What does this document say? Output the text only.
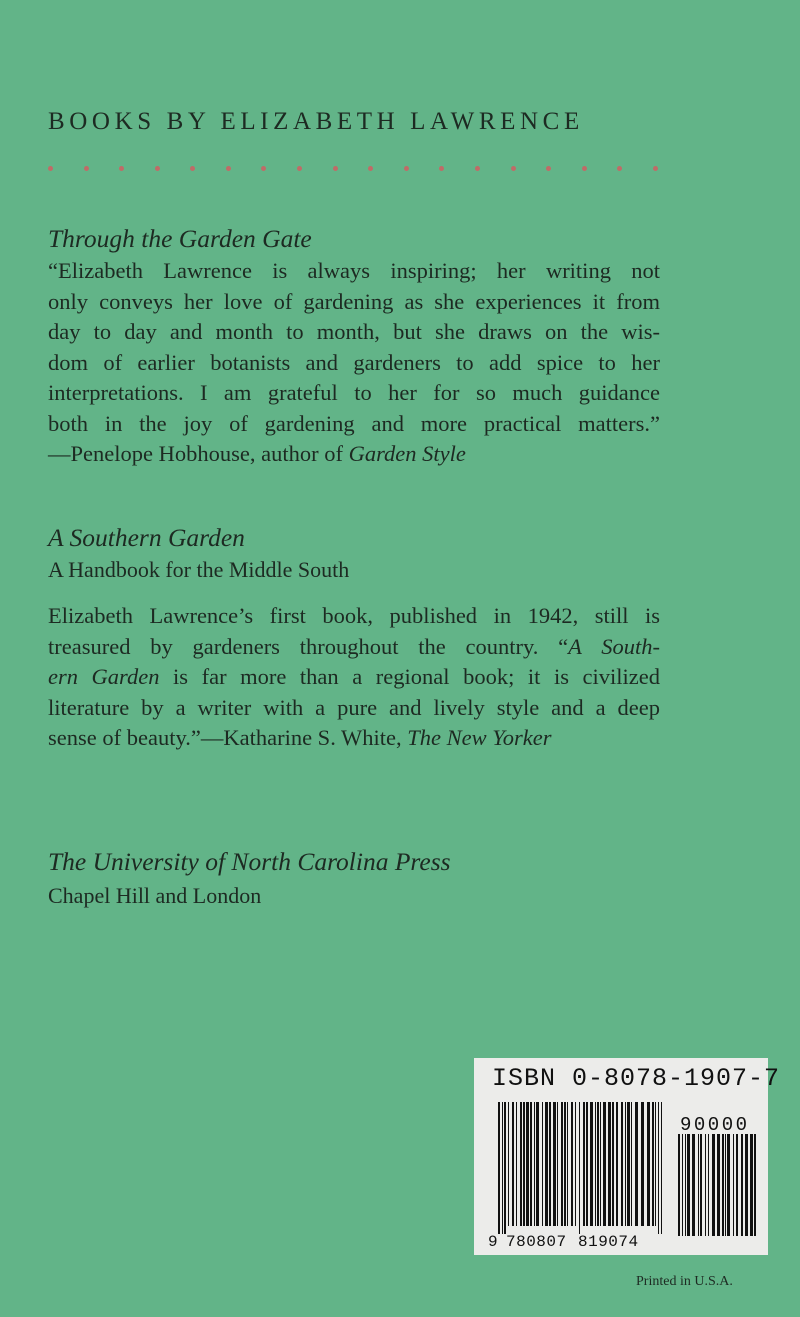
BOOKS BY ELIZABETH LAWRENCE
Through the Garden Gate
“Elizabeth Lawrence is always inspiring; her writing not
only conveys her love of gardening as she experiences it from
day to day and month to month, but she draws on the wis-
dom of earlier botanists and gardeners to add spice to her
interpretations. I am grateful to her for so much guidance
both in the joy of gardening and more practical matters.”
—Penelope Hobhouse, author of Garden Style
A Southern Garden
A Handbook for the Middle South
Elizabeth Lawrence’s first book, published in 1942, still is
treasured by gardeners throughout the country. “A South-
ern Garden is far more than a regional book; it is civilized
literature by a writer with a pure and lively style and a deep
sense of beauty.”—Katharine S. White, The New Yorker
The University of North Carolina Press
Chapel Hill and London
ISBN 0-8078-1907-7
9 780807 819074
90000
Printed in U.S.A.
